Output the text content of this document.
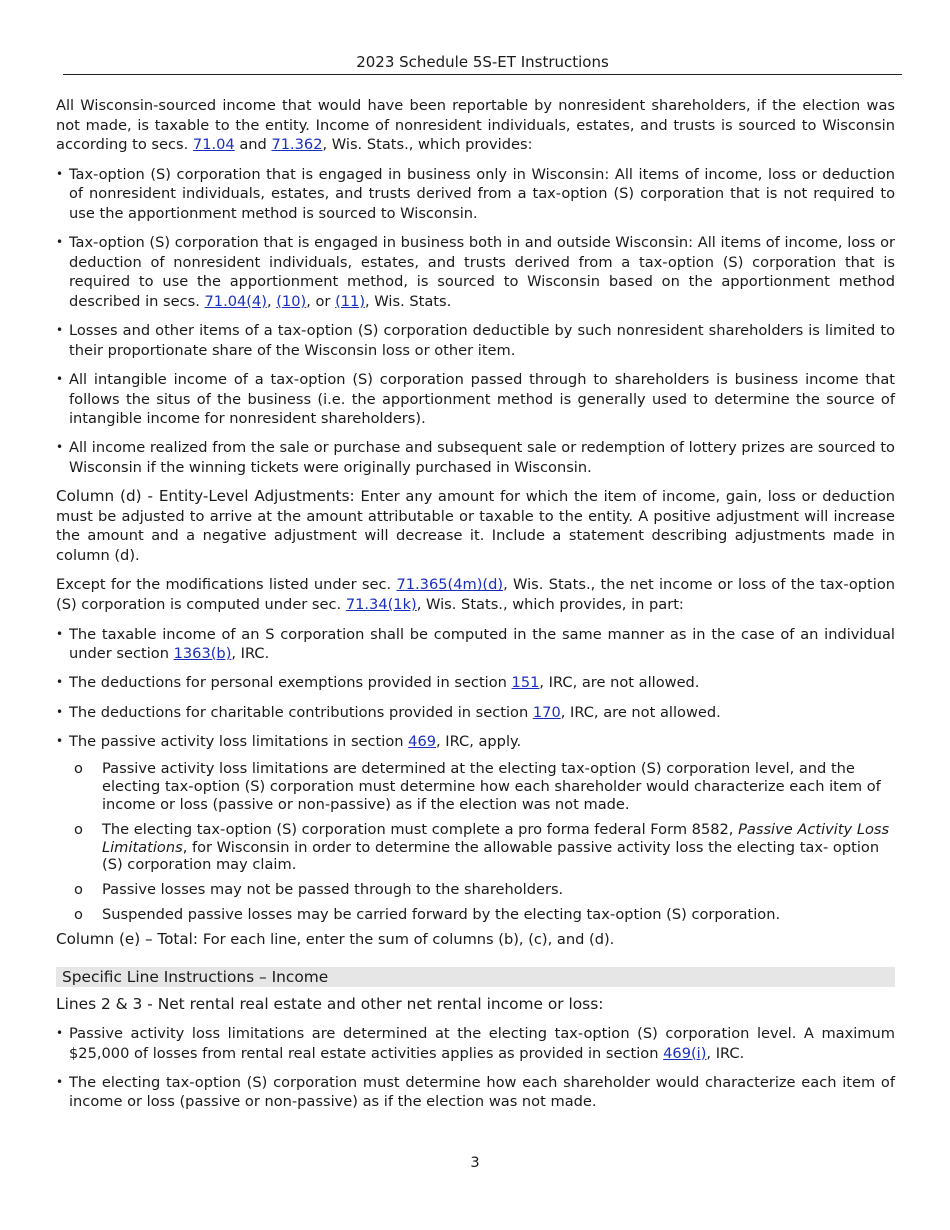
2023 Schedule 5S-ET Instructions

All Wisconsin-sourced income that would have been reportable by nonresident shareholders, if the election was not made, is taxable to the entity. Income of nonresident individuals, estates, and trusts is sourced to Wisconsin according to secs. 71.04 and 71.362, Wis. Stats., which provides:

• Tax-option (S) corporation that is engaged in business only in Wisconsin: All items of income, loss or deduction of nonresident individuals, estates, and trusts derived from a tax-option (S) corporation that is not required to use the apportionment method is sourced to Wisconsin.
• Tax-option (S) corporation that is engaged in business both in and outside Wisconsin: All items of income, loss or deduction of nonresident individuals, estates, and trusts derived from a tax-option (S) corporation that is required to use the apportionment method, is sourced to Wisconsin based on the apportionment method described in secs. 71.04(4), (10), or (11), Wis. Stats.
• Losses and other items of a tax-option (S) corporation deductible by such nonresident shareholders is limited to their proportionate share of the Wisconsin loss or other item.
• All intangible income of a tax-option (S) corporation passed through to shareholders is business income that follows the situs of the business (i.e. the apportionment method is generally used to determine the source of intangible income for nonresident shareholders).
• All income realized from the sale or purchase and subsequent sale or redemption of lottery prizes are sourced to Wisconsin if the winning tickets were originally purchased in Wisconsin.

Column (d) - Entity-Level Adjustments: Enter any amount for which the item of income, gain, loss or deduction must be adjusted to arrive at the amount attributable or taxable to the entity. A positive adjustment will increase the amount and a negative adjustment will decrease it. Include a statement describing adjustments made in column (d).

Except for the modifications listed under sec. 71.365(4m)(d), Wis. Stats., the net income or loss of the tax-option (S) corporation is computed under sec. 71.34(1k), Wis. Stats., which provides, in part:

• The taxable income of an S corporation shall be computed in the same manner as in the case of an individual under section 1363(b), IRC.
• The deductions for personal exemptions provided in section 151, IRC, are not allowed.
• The deductions for charitable contributions provided in section 170, IRC, are not allowed.
• The passive activity loss limitations in section 469, IRC, apply.
o Passive activity loss limitations are determined at the electing tax-option (S) corporation level, and the electing tax-option (S) corporation must determine how each shareholder would characterize each item of income or loss (passive or non-passive) as if the election was not made.
o The electing tax-option (S) corporation must complete a pro forma federal Form 8582, Passive Activity Loss Limitations, for Wisconsin in order to determine the allowable passive activity loss the electing tax- option (S) corporation may claim.
o Passive losses may not be passed through to the shareholders.
o Suspended passive losses may be carried forward by the electing tax-option (S) corporation.

Column (e) – Total: For each line, enter the sum of columns (b), (c), and (d).

Specific Line Instructions – Income
Lines 2 & 3 - Net rental real estate and other net rental income or loss:
• Passive activity loss limitations are determined at the electing tax-option (S) corporation level. A maximum $25,000 of losses from rental real estate activities applies as provided in section 469(i), IRC.
• The electing tax-option (S) corporation must determine how each shareholder would characterize each item of income or loss (passive or non-passive) as if the election was not made.
3
